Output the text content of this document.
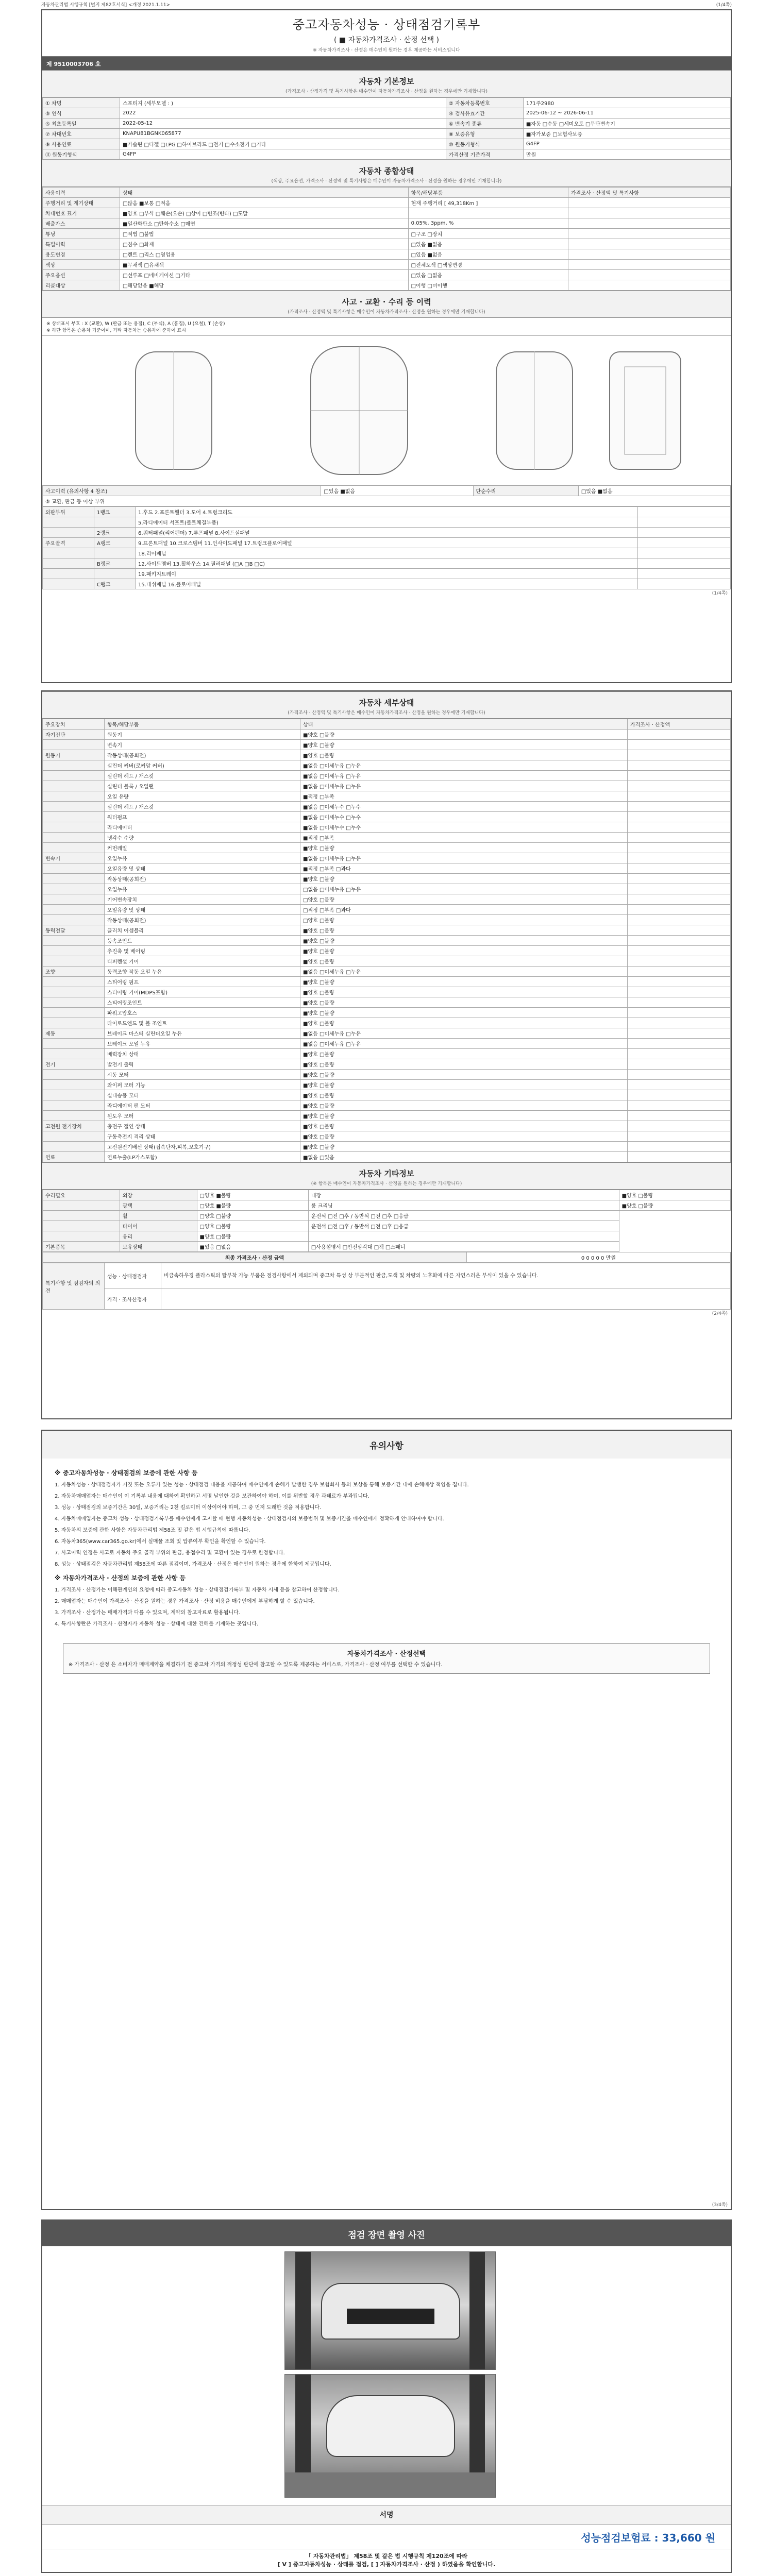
자동차관리법 시행규칙 [별지 제82호서식] <개정 2021.1.11>	(1/4쪽)
중고자동차성능 · 상태점검기록부
( ■ 자동차가격조사 · 산정 선택 )
※ 자동차가격조사 · 산정은 매수인이 원하는 경우 제공하는 서비스입니다
제 9510003706 호
자동차 기본정보
(가격조사 · 산정가격 및 특기사항은 매수인이 자동차가격조사 · 산정을 원하는 경우에만 기재합니다)
① 차명	스포티지 (세부모델 : )	② 자동차등록번호	171주2980
③ 연식	2022	④ 검사유효기간	2025-06-12 ~ 2026-06-11
⑤ 최초등록일	2022-05-12	⑥ 변속기 종류	■자동 □수동 □세미오토 □무단변속기
⑦ 차대번호	KNAPU81BGNK065877	⑧ 보증유형	■자가보증 □보험사보증
⑨ 사용연료	■가솔린 □디젤 □LPG □하이브리드 □전기 □수소전기 □기타	⑩ 원동기형식	G4FP
⑪ 원동기형식	G4FP	가격산정 기준가격	만원
자동차 종합상태
(색상, 주요옵션, 가격조사 · 산정액 및 특기사항은 매수인이 자동차가격조사 · 산정을 원하는 경우에만 기재합니다)
사용이력	상태	항목/해당부품	가격조사 · 산정액 및 특기사항
주행거리 및 계기상태	□많음 ■보통 □적음	현재 주행거리 [ 49,318Km ]	
차대번호 표기	■양호 □부식 □훼손(오손) □상이 □변조(변타) □도말		
배출가스	■일산화탄소 □탄화수소 □매연	0.05%, 3ppm, %	
튜닝	□적법 □불법	□구조 □장치	
특별이력	□침수 □화재	□있음 ■없음	
용도변경	□렌트 □리스 □영업용	□있음 ■없음	
색상	■무채색 □유채색	□전체도색 □색상변경	
주요옵션	□선루프 □네비게이션 □기타	□있음 □없음	
리콜대상	□해당없음 ■해당	□이행 □미이행	
사고 · 교환 · 수리 등 이력
(가격조사 · 산정액 및 특기사항은 매수인이 자동차가격조사 · 산정을 원하는 경우에만 기재합니다)
※ 상태표시 부호 : X (교환), W (판금 또는 용접), C (부식), A (흠집), U (요철), T (손상)
※ 하단 항목은 승용차 기준이며, 기타 자동차는 승용차에 준하여 표시
사고이력 (유의사항 4 참조)	□있음 ■없음	단순수리	□있음 ■없음
⑤ 교환, 판금 등 이상 부위
외판부위	1랭크	1.후드 2.프론트휀더 3.도어 4.트렁크리드	
		5.라디에이터 서포트(볼트체결부품)	
	2랭크	6.쿼터패널(리어펜더) 7.루프패널 8.사이드실패널	
주요골격	A랭크	9.프론트패널 10.크로스멤버 11.인사이드패널 17.트렁크플로어패널	
		18.리어패널	
	B랭크	12.사이드멤버 13.휠하우스 14.필러패널 (□A □B □C)	
		19.패키지트레이	
	C랭크	15.대쉬패널 16.플로어패널	
(1/4쪽)
자동차 세부상태
(가격조사 · 산정액 및 특기사항은 매수인이 자동차가격조사 · 산정을 원하는 경우에만 기재합니다)
주요장치	항목/해당부품	상태	가격조사 · 산정액
자기진단	원동기	■양호 □불량	
	변속기	■양호 □불량	
원동기	작동상태(공회전)	■양호 □불량	
	실린더 커버(로커암 커버)	■없음 □미세누유 □누유	
	실린더 헤드 / 개스킷	■없음 □미세누유 □누유	
	실린더 블록 / 오일팬	■없음 □미세누유 □누유	
	오일 유량	■적정 □부족	
	실린더 헤드 / 개스킷	■없음 □미세누수 □누수	
	워터펌프	■없음 □미세누수 □누수	
	라디에이터	■없음 □미세누수 □누수	
	냉각수 수량	■적정 □부족	
	커먼레일	■양호 □불량	
변속기	오일누유	■없음 □미세누유 □누유	
	오일유량 및 상태	■적정 □부족 □과다	
	작동상태(공회전)	■양호 □불량	
	오일누유	□없음 □미세누유 □누유	
	기어변속장치	□양호 □불량	
	오일유량 및 상태	□적정 □부족 □과다	
	작동상태(공회전)	□양호 □불량	
동력전달	클러치 어셈블리	■양호 □불량	
	등속조인트	■양호 □불량	
	추진축 및 베어링	■양호 □불량	
	디퍼렌셜 기어	■양호 □불량	
조향	동력조향 작동 오일 누유	■없음 □미세누유 □누유	
	스티어링 펌프	■양호 □불량	
	스티어링 기어(MDPS포함)	■양호 □불량	
	스티어링조인트	■양호 □불량	
	파워고압호스	■양호 □불량	
	타이로드엔드 및 볼 조인트	■양호 □불량	
제동	브레이크 마스터 실린더오일 누유	■없음 □미세누유 □누유	
	브레이크 오일 누유	■없음 □미세누유 □누유	
	배력장치 상태	■양호 □불량	
전기	발전기 출력	■양호 □불량	
	시동 모터	■양호 □불량	
	와이퍼 모터 기능	■양호 □불량	
	실내송풍 모터	■양호 □불량	
	라디에이터 팬 모터	■양호 □불량	
	윈도우 모터	■양호 □불량	
고전원 전기장치	충전구 절연 상태	■양호 □불량	
	구동축전지 격리 상태	■양호 □불량	
	고전원전기배선 상태(접속단자,피복,보호기구)	■양호 □불량	
연료	연료누출(LP가스포함)	■없음 □있음	
자동차 기타정보
(※ 항목은 매수인이 자동차가격조사 · 산정을 원하는 경우에만 기재합니다)
수리필요	외장	□양호 ■불량	내장	■양호 □불량
	광택	□양호 ■불량	룸 크리닝	■양호 □불량
	휠	□양호 □불량	운전석 □전 □후 / 동반석 □전 □후 □응급	
	타이어	□양호 □불량	운전석 □전 □후 / 동반석 □전 □후 □응급	
	유리	■양호 □불량		
기본품목	보유상태	■있음 □없음	□사용설명서 □안전삼각대 □잭 □스패너	
최종 가격조사 · 산정 금액	0 0 0 0 0 만원
특기사항 및 점검자의 의견	성능 · 상태점검자	비금속하우징 플라스틱의 탈부착 가능 부품은 점검사항에서 제외되며 중고차 특성 상 부분적인 판금,도색 및 차량의 노후화에 따른 자연스러운 부식이 있을 수 있습니다.
	가격 · 조사산정자	
(2/4쪽)
유의사항
※ 중고자동차성능 · 상태점검의 보증에 관한 사항 등

1. 자동차성능 · 상태점검자가 거짓 또는 오류가 있는 성능 · 상태점검 내용을 제공하여 매수인에게 손해가 발생한 경우 보험회사 등의 보상을 통해 보증기간 내에 손해배상 책임을 집니다.

2. 자동차매매업자는 매수인이 이 기록부 내용에 대하여 확인하고 서명 날인한 것을 보관하여야 하며, 이를 위반할 경우 과태료가 부과됩니다.

3. 성능 · 상태점검의 보증기간은 30일, 보증거리는 2천 킬로미터 이상이어야 하며, 그 중 먼저 도래한 것을 적용합니다.

4. 자동차매매업자는 중고차 성능 · 상태점검기록부를 매수인에게 고지할 때 현행 자동차성능 · 상태점검자의 보증범위 및 보증기간을 매수인에게 정확하게 안내하여야 합니다.

5. 자동차의 보증에 관한 사항은 자동차관리법 제58조 및 같은 법 시행규칙에 따릅니다.

6. 자동차365(www.car365.go.kr)에서 실매물 조회 및 압류여부 확인을 확인할 수 있습니다.

7. 사고이력 인정은 사고로 자동차 주요 골격 부위의 판금, 용접수리 및 교환이 있는 경우로 한정합니다.

8. 성능 · 상태점검은 자동차관리법 제58조에 따른 점검이며, 가격조사 · 산정은 매수인이 원하는 경우에 한하여 제공됩니다.

※ 자동차가격조사 · 산정의 보증에 관한 사항 등

1. 가격조사 · 산정가는 이해관계인의 요청에 따라 중고자동차 성능 · 상태점검기록부 및 자동차 시세 등을 참고하여 산정합니다.

2. 매매업자는 매수인이 가격조사 · 산정을 원하는 경우 가격조사 · 산정 비용을 매수인에게 부담하게 할 수 있습니다.

3. 가격조사 · 산정가는 매매가격과 다를 수 있으며, 계약의 참고자료로 활용됩니다.

4. 특기사항란은 가격조사 · 산정자가 자동차 성능 · 상태에 대한 견해를 기재하는 곳입니다.

자동차가격조사 · 산정선택
※ 가격조사 · 산정 은 소비자가 매매계약을 체결하기 전 중고차 가격의 적정성 판단에 참고할 수 있도록 제공하는 서비스로, 가격조사 · 산정 여부를 선택할 수 있습니다.
(3/4쪽)
점검 장면 촬영 사진
서명
성능점검보험료 : 33,660 원
「 자동차관리법」 제58조 및 같은 법 시행규칙 제120조에 따라
[ V ] 중고자동차성능 · 상태를 점검, [ ] 자동차가격조사 · 산정 ) 하였음을 확인합니다.
